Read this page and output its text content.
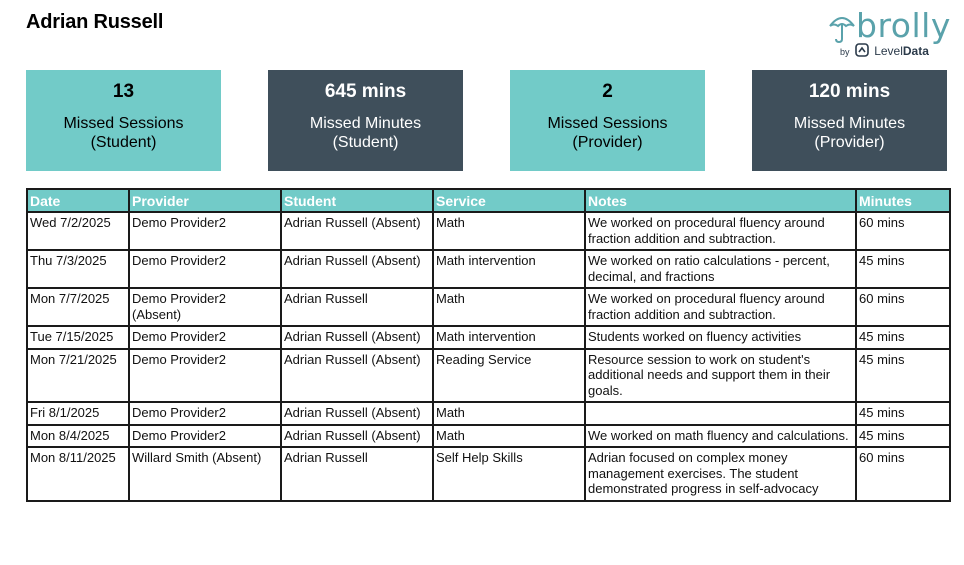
Adrian Russell	brolly
by LevelData
13
Missed Sessions
(Student)
645 mins
Missed Minutes
(Student)
2
Missed Sessions
(Provider)
120 mins
Missed Minutes
(Provider)
Date	Provider	Student	Service	Notes	Minutes
Wed 7/2/2025	Demo Provider2	Adrian Russell (Absent)	Math	We worked on procedural fluency around fraction addition and subtraction.	60 mins
Thu 7/3/2025	Demo Provider2	Adrian Russell (Absent)	Math intervention	We worked on ratio calculations - percent, decimal, and fractions	45 mins
Mon 7/7/2025	Demo Provider2 (Absent)	Adrian Russell	Math	We worked on procedural fluency around fraction addition and subtraction.	60 mins
Tue 7/15/2025	Demo Provider2	Adrian Russell (Absent)	Math intervention	Students worked on fluency activities	45 mins
Mon 7/21/2025	Demo Provider2	Adrian Russell (Absent)	Reading Service	Resource session to work on student's additional needs and support them in their goals.	45 mins
Fri 8/1/2025	Demo Provider2	Adrian Russell (Absent)	Math		45 mins
Mon 8/4/2025	Demo Provider2	Adrian Russell (Absent)	Math	We worked on math fluency and calculations.	45 mins
Mon 8/11/2025	Willard Smith (Absent)	Adrian Russell	Self Help Skills	Adrian focused on complex money management exercises. The student demonstrated progress in self-advocacy	60 mins
